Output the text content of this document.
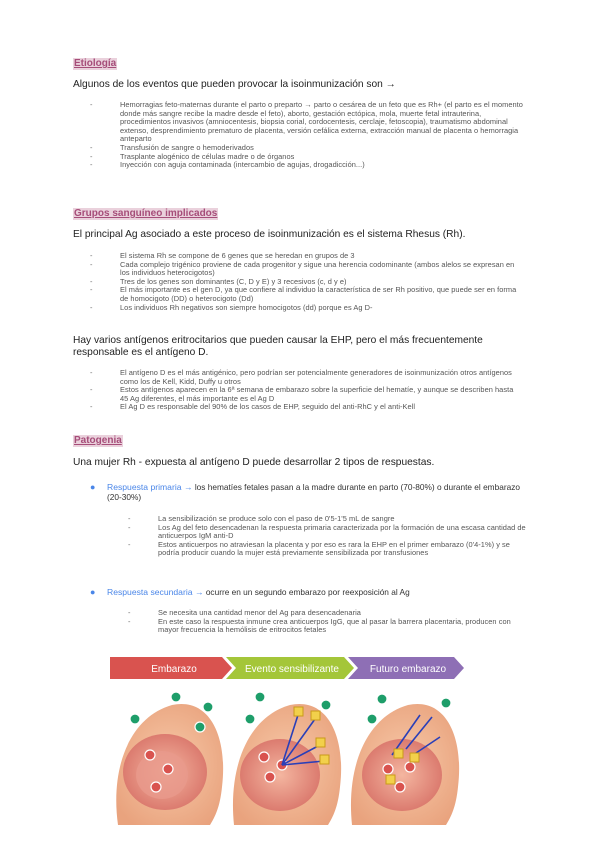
Etiología
Algunos de los eventos que pueden provocar la isoinmunización son →
- Hemorragias feto-maternas durante el parto o preparto → parto o cesárea de un feto que es Rh+ (el parto es el momento donde más sangre recibe la madre desde el feto), aborto, gestación ectópica, mola, muerte fetal intrauterina, procedimientos invasivos (amniocentesis, biopsia corial, cordocentesis, cerclaje, fetoscopia), traumatismo abdominal extenso, desprendimiento prematuro de placenta, versión cefálica externa, extracción manual de placenta o hemorragia anteparto
- Transfusión de sangre o hemoderivados
- Trasplante alogénico de células madre o de órganos
- Inyección con aguja contaminada (intercambio de agujas, drogadicción...)
Grupos sanguíneo implicados
El principal Ag asociado a este proceso de isoinmunización es el sistema Rhesus (Rh).
- El sistema Rh se compone de 6 genes que se heredan en grupos de 3
- Cada complejo trigénico proviene de cada progenitor y sigue una herencia codominante (ambos alelos se expresan en los individuos heterocigotos)
- Tres de los genes son dominantes (C, D y E) y 3 recesivos (c, d y e)
- El más importante es el gen D, ya que confiere al individuo la característica de ser Rh positivo, que puede ser en forma de homocigoto (DD) o heterocigoto (Dd)
- Los individuos Rh negativos son siempre homocigotos (dd) porque es Ag D-
Hay varios antígenos eritrocitarios que pueden causar la EHP, pero el más frecuentemente responsable es el antígeno D.
- El antígeno D es el más antigénico, pero podrían ser potencialmente generadores de isoinmunización otros antígenos como los de Kell, Kidd, Duffy u otros
- Estos antígenos aparecen en la 6ª semana de embarazo sobre la superficie del hematíe, y aunque se describen hasta 45 Ag diferentes, el más importante es el Ag D
- El Ag D es responsable del 90% de los casos de EHP, seguido del anti-RhC y el anti-Kell
Patogenia
Una mujer Rh - expuesta al antígeno D puede desarrollar 2 tipos de respuestas.
●	Respuesta primaria → los hematíes fetales pasan a la madre durante en parto (70-80%) o durante el embarazo (20-30%)
- La sensibilización se produce solo con el paso de 0'5-1'5 mL de sangre
- Los Ag del feto desencadenan la respuesta primaria caracterizada por la formación de una escasa cantidad de anticuerpos IgM anti-D
- Estos anticuerpos no atraviesan la placenta y por eso es rara la EHP en el primer embarazo (0'4-1%) y se podría producir cuando la mujer está previamente sensibilizada por transfusiones
●	Respuesta secundaria → ocurre en un segundo embarazo por reexposición al Ag
- Se necesita una cantidad menor del Ag para desencadenaria
- En este caso la respuesta inmune crea anticuerpos IgG, que al pasar la barrera placentaria, producen con mayor frecuencia la hemólisis de eritrocitos fetales
Embarazo	Evento sensibilizante	Futuro embarazo
